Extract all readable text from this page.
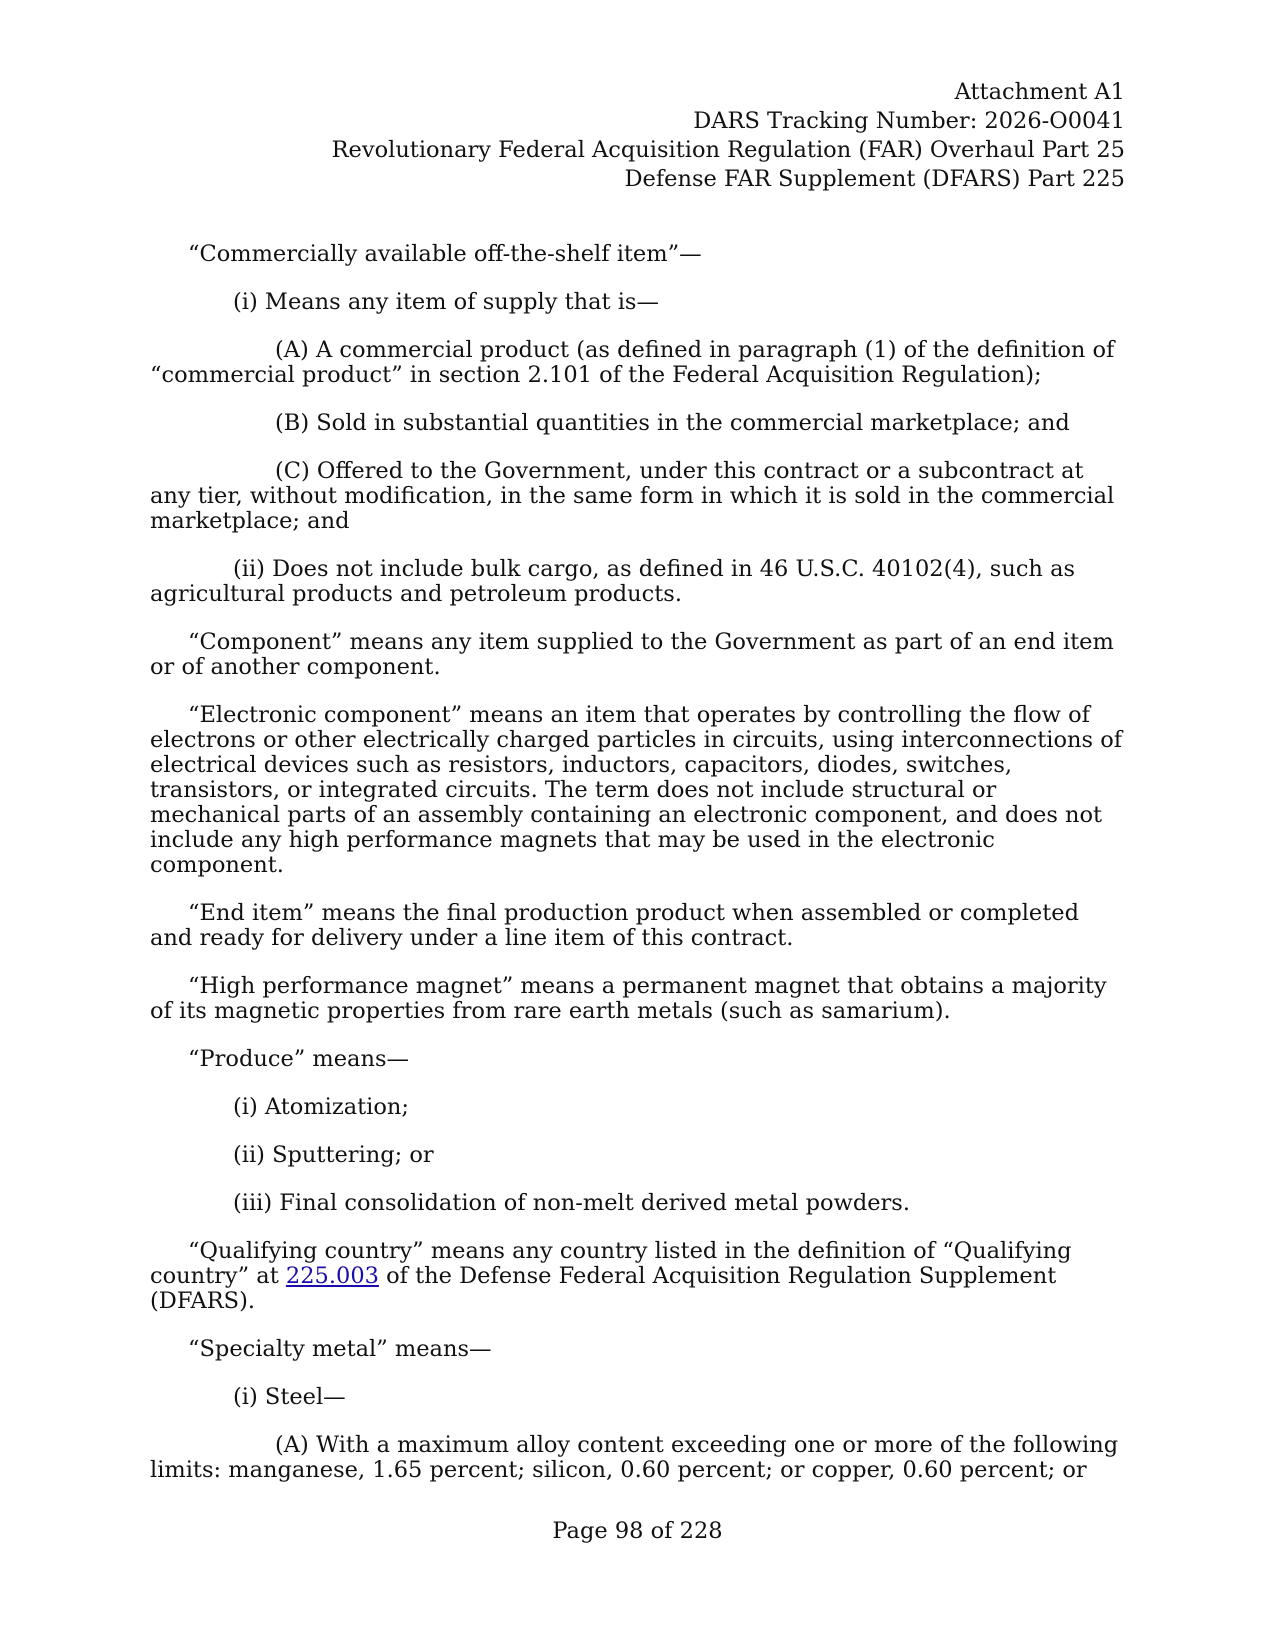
Attachment A1
DARS Tracking Number: 2026-O0041
Revolutionary Federal Acquisition Regulation (FAR) Overhaul Part 25
Defense FAR Supplement (DFARS) Part 225

“Commercially available off-the-shelf item”—

(i) Means any item of supply that is—

(A) A commercial product (as defined in paragraph (1) of the definition of “commercial product” in section 2.101 of the Federal Acquisition Regulation);

(B) Sold in substantial quantities in the commercial marketplace; and

(C) Offered to the Government, under this contract or a subcontract at any tier, without modification, in the same form in which it is sold in the commercial marketplace; and

(ii) Does not include bulk cargo, as defined in 46 U.S.C. 40102(4), such as agricultural products and petroleum products.

“Component” means any item supplied to the Government as part of an end item or of another component.

“Electronic component” means an item that operates by controlling the flow of electrons or other electrically charged particles in circuits, using interconnections of electrical devices such as resistors, inductors, capacitors, diodes, switches, transistors, or integrated circuits. The term does not include structural or mechanical parts of an assembly containing an electronic component, and does not include any high performance magnets that may be used in the electronic component.

“End item” means the final production product when assembled or completed and ready for delivery under a line item of this contract.

“High performance magnet” means a permanent magnet that obtains a majority of its magnetic properties from rare earth metals (such as samarium).

“Produce” means—

(i) Atomization;

(ii) Sputtering; or

(iii) Final consolidation of non-melt derived metal powders.

“Qualifying country” means any country listed in the definition of “Qualifying country” at 225.003 of the Defense Federal Acquisition Regulation Supplement (DFARS).

“Specialty metal” means—

(i) Steel—

(A) With a maximum alloy content exceeding one or more of the following limits: manganese, 1.65 percent; silicon, 0.60 percent; or copper, 0.60 percent; or

Page 98 of 228
